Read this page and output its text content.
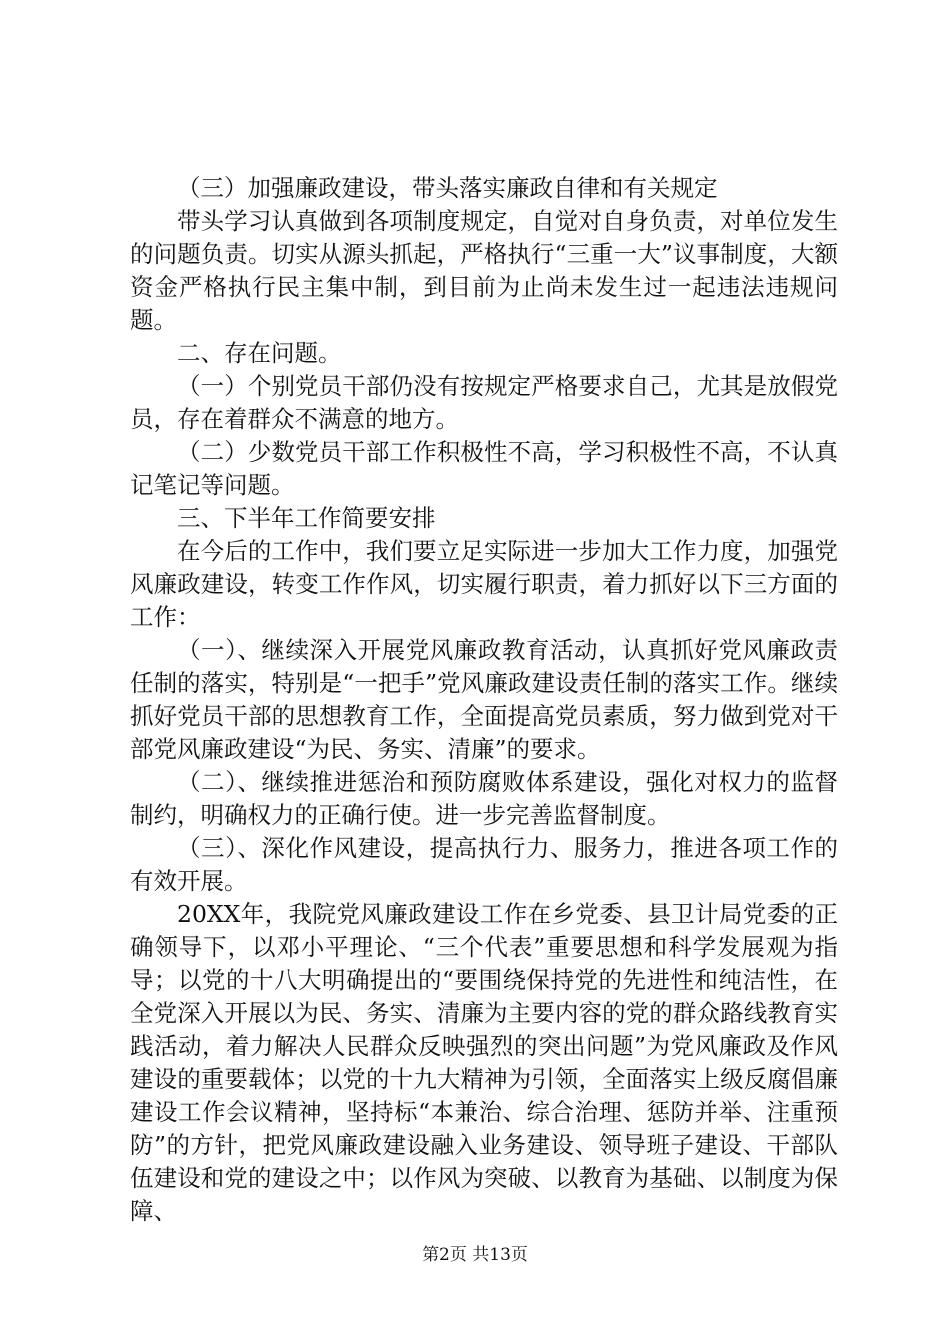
（三）加强廉政建设，带头落实廉政自律和有关规定

带头学习认真做到各项制度规定，自觉对自身负责，对单位发生的问题负责。切实从源头抓起，严格执行“三重一大”议事制度，大额资金严格执行民主集中制，到目前为止尚未发生过一起违法违规问题。

二、存在问题。

（一）个别党员干部仍没有按规定严格要求自己，尤其是放假党员，存在着群众不满意的地方。

（二）少数党员干部工作积极性不高，学习积极性不高，不认真记笔记等问题。

三、下半年工作简要安排

在今后的工作中，我们要立足实际进一步加大工作力度，加强党风廉政建设，转变工作作风，切实履行职责，着力抓好以下三方面的工作：

（一）、继续深入开展党风廉政教育活动，认真抓好党风廉政责任制的落实，特别是“一把手”党风廉政建设责任制的落实工作。继续抓好党员干部的思想教育工作，全面提高党员素质，努力做到党对干部党风廉政建设“为民、务实、清廉”的要求。

（二）、继续推进惩治和预防腐败体系建设，强化对权力的监督制约，明确权力的正确行使。进一步完善监督制度。

（三）、深化作风建设，提高执行力、服务力，推进各项工作的有效开展。

20XX年，我院党风廉政建设工作在乡党委、县卫计局党委的正确领导下，以邓小平理论、“三个代表”重要思想和科学发展观为指导；以党的十八大明确提出的“要围绕保持党的先进性和纯洁性，在全党深入开展以为民、务实、清廉为主要内容的党的群众路线教育实践活动，着力解决人民群众反映强烈的突出问题”为党风廉政及作风建设的重要载体；以党的十九大精神为引领，全面落实上级反腐倡廉建设工作会议精神，坚持标“本兼治、综合治理、惩防并举、注重预防”的方针，把党风廉政建设融入业务建设、领导班子建设、干部队伍建设和党的建设之中；以作风为突破、以教育为基础、以制度为保障、

第2页 共13页
